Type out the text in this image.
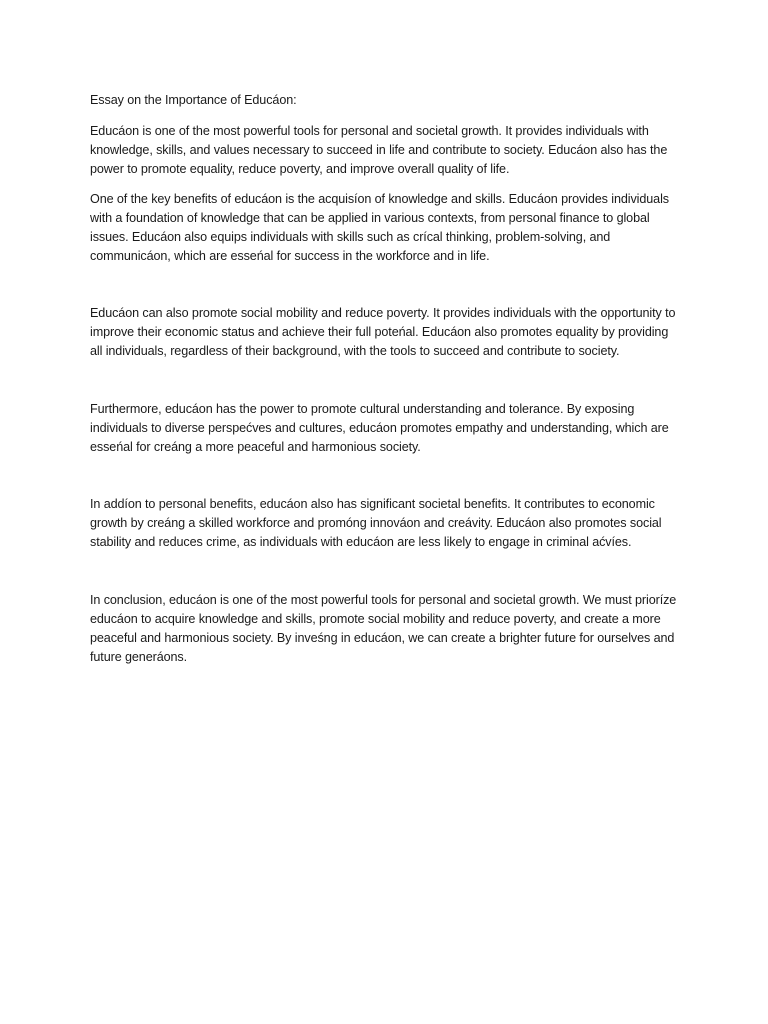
Essay on the Importance of Educáon:

Educáon is one of the most powerful tools for personal and societal growth. It provides individuals with knowledge, skills, and values necessary to succeed in life and contribute to society. Educáon also has the power to promote equality, reduce poverty, and improve overall quality of life.

One of the key benefits of educáon is the acquisíon of knowledge and skills. Educáon provides individuals with a foundation of knowledge that can be applied in various contexts, from personal finance to global issues. Educáon also equips individuals with skills such as crícal thinking, problem-solving, and communicáon, which are esseńal for success in the workforce and in life.

Educáon can also promote social mobility and reduce poverty. It provides individuals with the opportunity to improve their economic status and achieve their full poteńal. Educáon also promotes equality by providing all individuals, regardless of their background, with the tools to succeed and contribute to society.

Furthermore, educáon has the power to promote cultural understanding and tolerance. By exposing individuals to diverse perspećves and cultures, educáon promotes empathy and understanding, which are esseńal for creáng a more peaceful and harmonious society.

In addíon to personal benefits, educáon also has significant societal benefits. It contributes to economic growth by creáng a skilled workforce and promóng innováon and creávity. Educáon also promotes social stability and reduces crime, as individuals with educáon are less likely to engage in criminal aćvíes.

In conclusion, educáon is one of the most powerful tools for personal and societal growth. We must prioríze educáon to acquire knowledge and skills, promote social mobility and reduce poverty, and create a more peaceful and harmonious society. By inveśng in educáon, we can create a brighter future for ourselves and future generáons.
